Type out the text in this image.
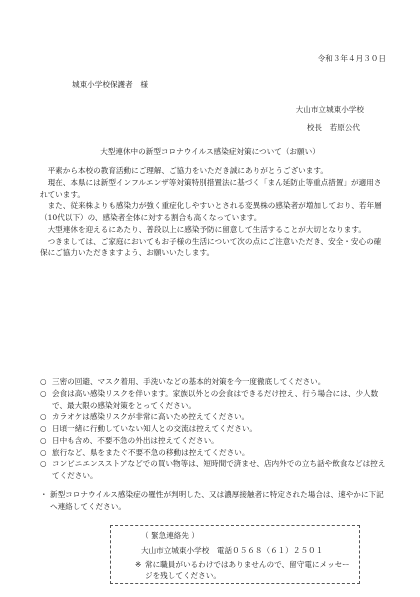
令和３年４月３０日
城東小学校保護者　様
大山市立城東小学校
校長　若原公代
大型連休中の新型コロナウイルス感染症対策について（お願い）

平素から本校の教育活動にご理解、ご協力をいただき誠にありがとうございます。

現在、本県には新型インフルエンザ等対策特別措置法に基づく「まん延防止等重点措置」が適用されています。

また、従来株よりも感染力が強く重症化しやすいとされる変異株の感染者が増加しており、若年層（10代以下）の、感染者全体に対する割合も高くなっています。

大型連休を迎えるにあたり、普段以上に感染予防に留意して生活することが大切となります。

つきましては、ご家庭においてもお子様の生活について次の点にご注意いただき、安全・安心の確保にご協力いただきますよう、お願いいたします。

○ 三密の回避、マスク着用、手洗いなどの基本的対策を今一度徹底してください。
○ 会食は高い感染リスクを伴います。家族以外との会食はできるだけ控え、行う場合には、少人数で、最大限の感染対策をとってください。
○ カラオケは感染リスクが非常に高いため控えてください。
○ 日頃一緒に行動していない知人との交流は控えてください。
○ 日中も含め、不要不急の外出は控えてください。
○ 旅行など、県をまたぐ不要不急の移動は控えてください。
○ コンビニエンスストアなどでの買い物等は、短時間で済ませ、店内外での立ち話や飲食などは控えてください。
・ 新型コロナウイルス感染症の罹性が判明した、又は濃厚接触者に特定された場合は、速やかに下記へ連絡してください。
（ 緊急連絡先 ）
大山市立城東小学校　電話０５６８（６１）２５０１
※ 常に職員がいるわけではありませんので、留守電にメッセージを残してください。
